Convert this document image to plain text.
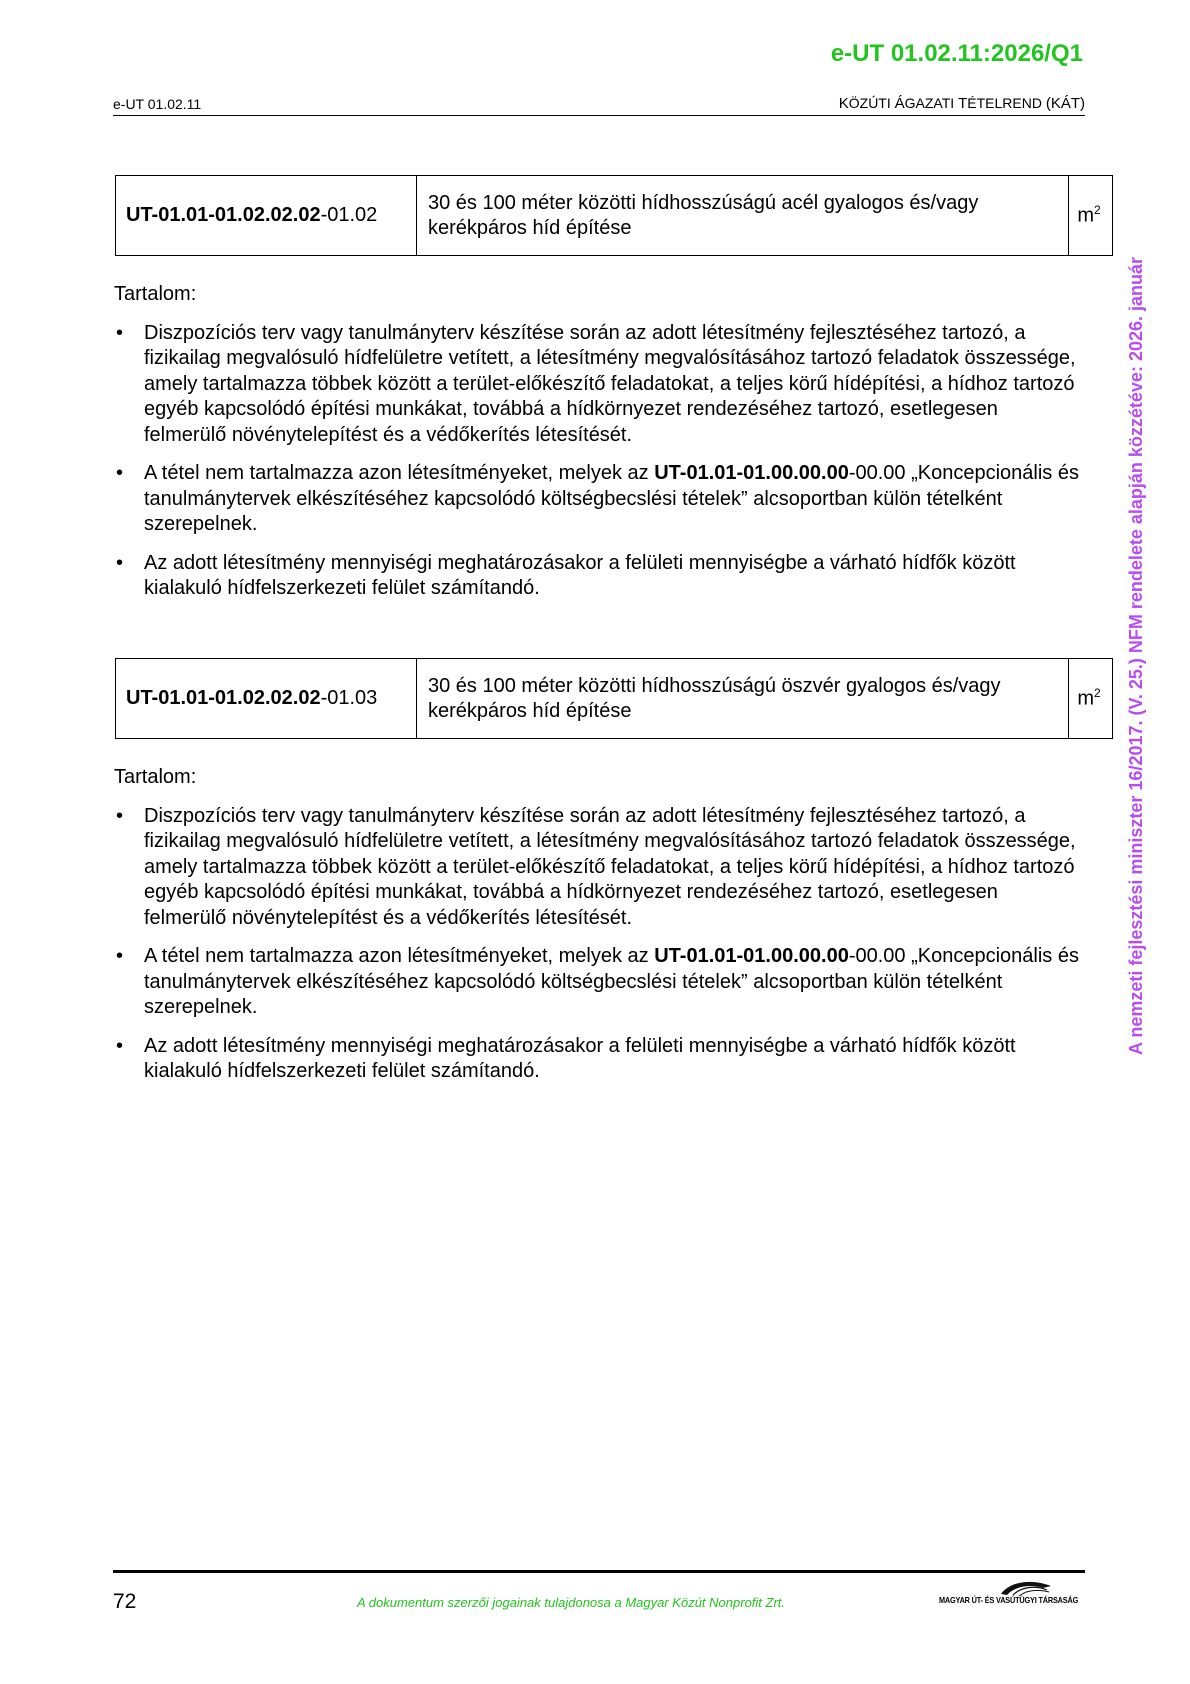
e-UT 01.02.11:2026/Q1
e-UT 01.02.11	KÖZÚTI ÁGAZATI TÉTELREND (KÁT)
UT-01.01-01.02.02.02-01.02	30 és 100 méter közötti hídhosszúságú acél gyalogos és/vagy kerékpáros híd építése	$m^2$
Tartalom:
• Diszpozíciós terv vagy tanulmányterv készítése során az adott létesítmény fejlesztéséhez tartozó, a fizikailag megvalósuló hídfelületre vetített, a létesítmény megvalósításához tartozó feladatok összessége, amely tartalmazza többek között a terület-előkészítő feladatokat, a teljes körű hídépítési, a hídhoz tartozó egyéb kapcsolódó építési munkákat, továbbá a hídkörnyezet rendezéséhez tartozó, esetlegesen felmerülő növénytelepítést és a védőkerítés létesítését.
• A tétel nem tartalmazza azon létesítményeket, melyek az UT-01.01-01.00.00.00-00.00 „Koncepcionális és tanulmánytervek elkészítéséhez kapcsolódó költségbecslési tételek” alcsoportban külön tételként szerepelnek.
• Az adott létesítmény mennyiségi meghatározásakor a felületi mennyiségbe a várható hídfők között kialakuló hídfelszerkezeti felület számítandó.
UT-01.01-01.02.02.02-01.03	30 és 100 méter közötti hídhosszúságú öszvér gyalogos és/vagy kerékpáros híd építése	$m^2$
Tartalom:
• Diszpozíciós terv vagy tanulmányterv készítése során az adott létesítmény fejlesztéséhez tartozó, a fizikailag megvalósuló hídfelületre vetített, a létesítmény megvalósításához tartozó feladatok összessége, amely tartalmazza többek között a terület-előkészítő feladatokat, a teljes körű hídépítési, a hídhoz tartozó egyéb kapcsolódó építési munkákat, továbbá a hídkörnyezet rendezéséhez tartozó, esetlegesen felmerülő növénytelepítést és a védőkerítés létesítését.
• A tétel nem tartalmazza azon létesítményeket, melyek az UT-01.01-01.00.00.00-00.00 „Koncepcionális és tanulmánytervek elkészítéséhez kapcsolódó költségbecslési tételek” alcsoportban külön tételként szerepelnek.
• Az adott létesítmény mennyiségi meghatározásakor a felületi mennyiségbe a várható hídfők között kialakuló hídfelszerkezeti felület számítandó.
A nemzeti fejlesztési miniszter 16/2017. (V. 25.) NFM rendelete alapján közzétéve: 2026. január
72	A dokumentum szerzői jogainak tulajdonosa a Magyar Közút Nonprofit Zrt.	MAGYAR ÚT- ÉS VASÚTÜGYI TÁRSASÁG
